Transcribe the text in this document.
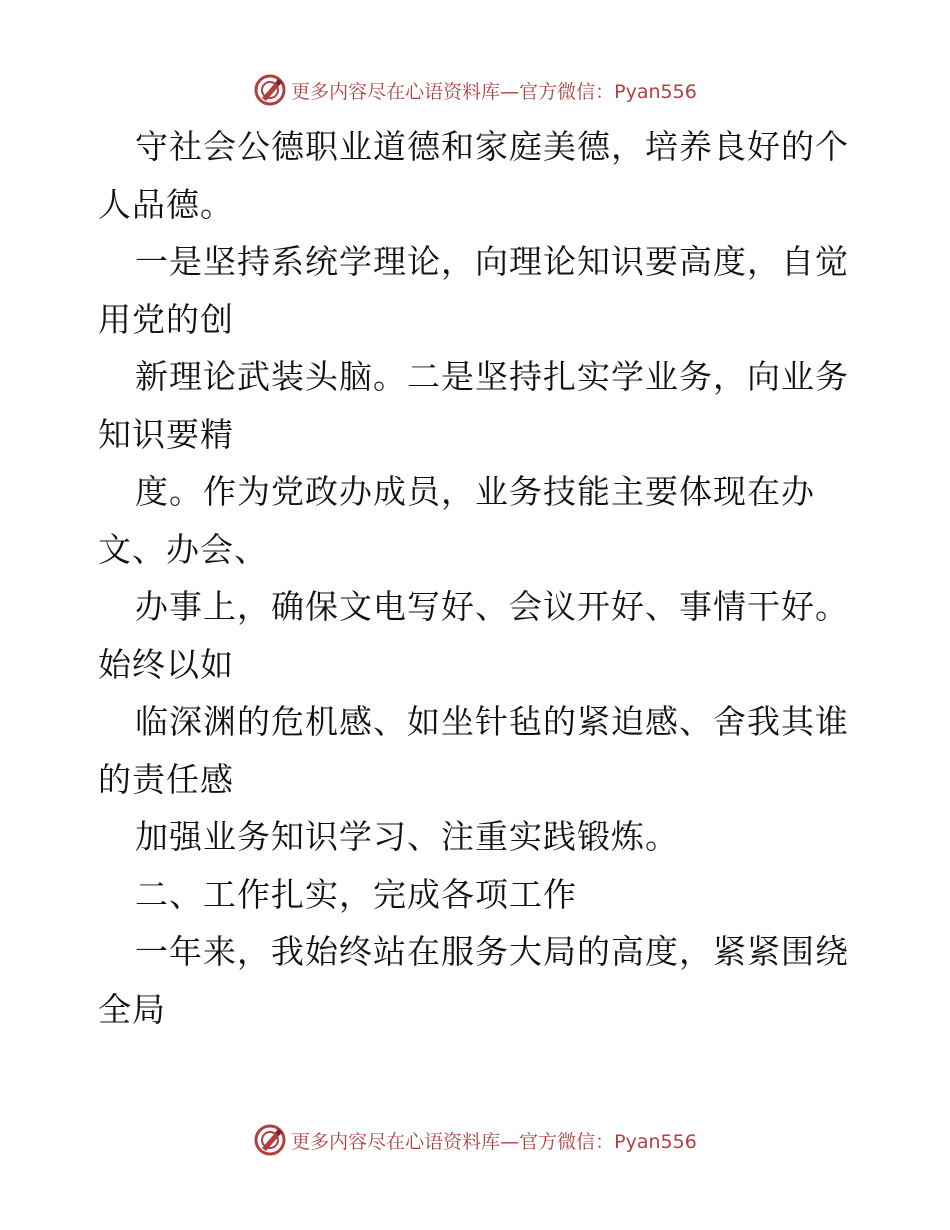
更多内容尽在心语资料库—官方微信：Pyan556
守社会公德职业道德和家庭美德，培养良好的个
人品德。
一是坚持系统学理论，向理论知识要高度，自觉
用党的创
新理论武装头脑。二是坚持扎实学业务，向业务
知识要精
度。作为党政办成员，业务技能主要体现在办
文、办会、
办事上，确保文电写好、会议开好、事情干好。
始终以如
临深渊的危机感、如坐针毡的紧迫感、舍我其谁
的责任感
加强业务知识学习、注重实践锻炼。
二、工作扎实，完成各项工作
一年来，我始终站在服务大局的高度，紧紧围绕
全局
更多内容尽在心语资料库—官方微信：Pyan556
